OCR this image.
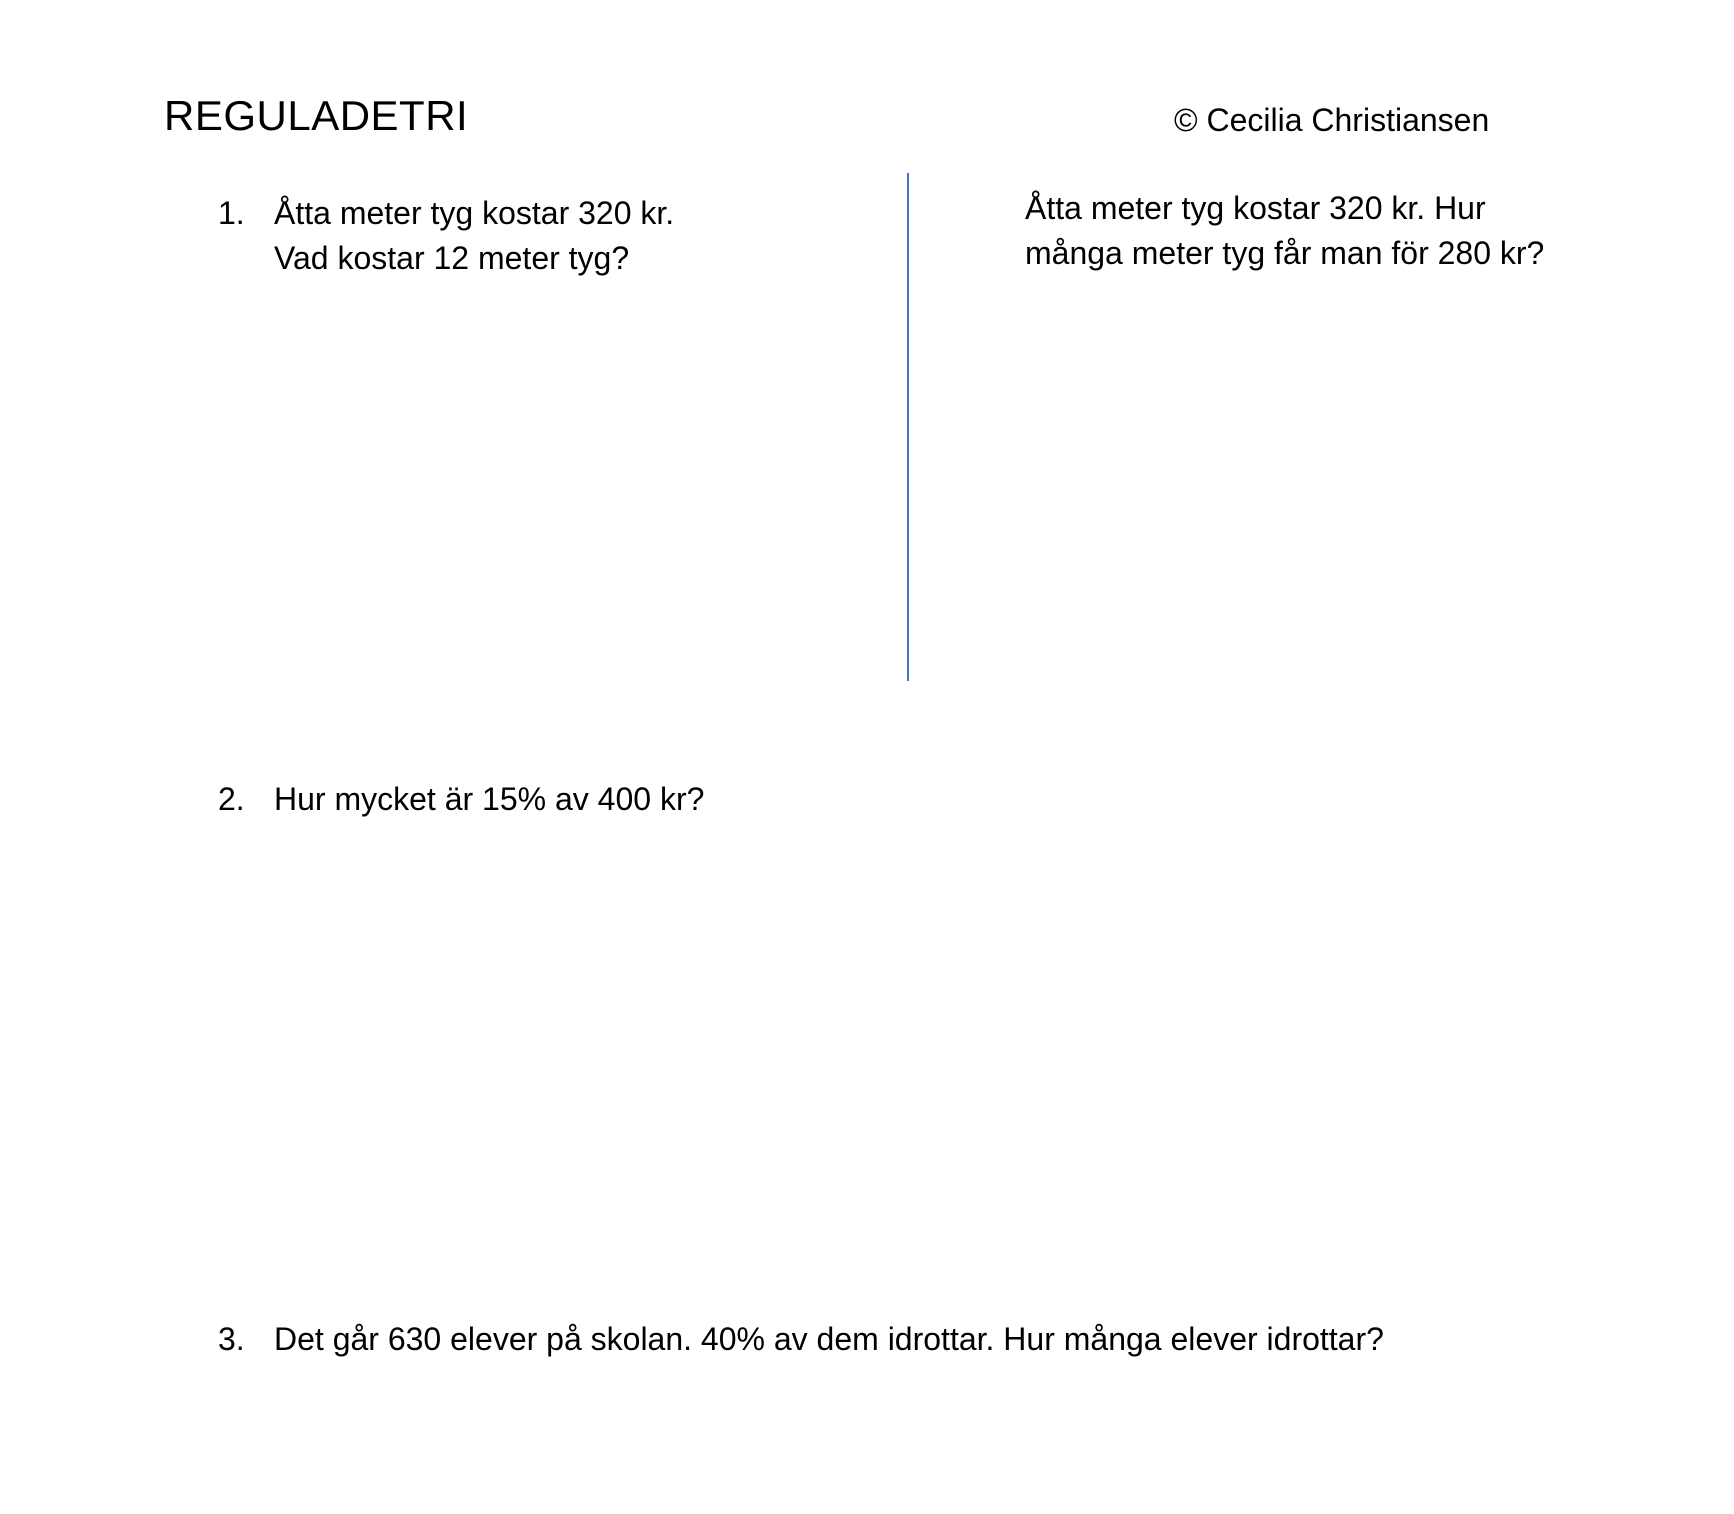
REGULADETRI	© Cecilia Christiansen
1. Åtta meter tyg kostar 320 kr.
Vad kostar 12 meter tyg?
Åtta meter tyg kostar 320 kr. Hur
många meter tyg får man för 280 kr?
2. Hur mycket är 15% av 400 kr?
3. Det går 630 elever på skolan. 40% av dem idrottar. Hur många elever idrottar?
